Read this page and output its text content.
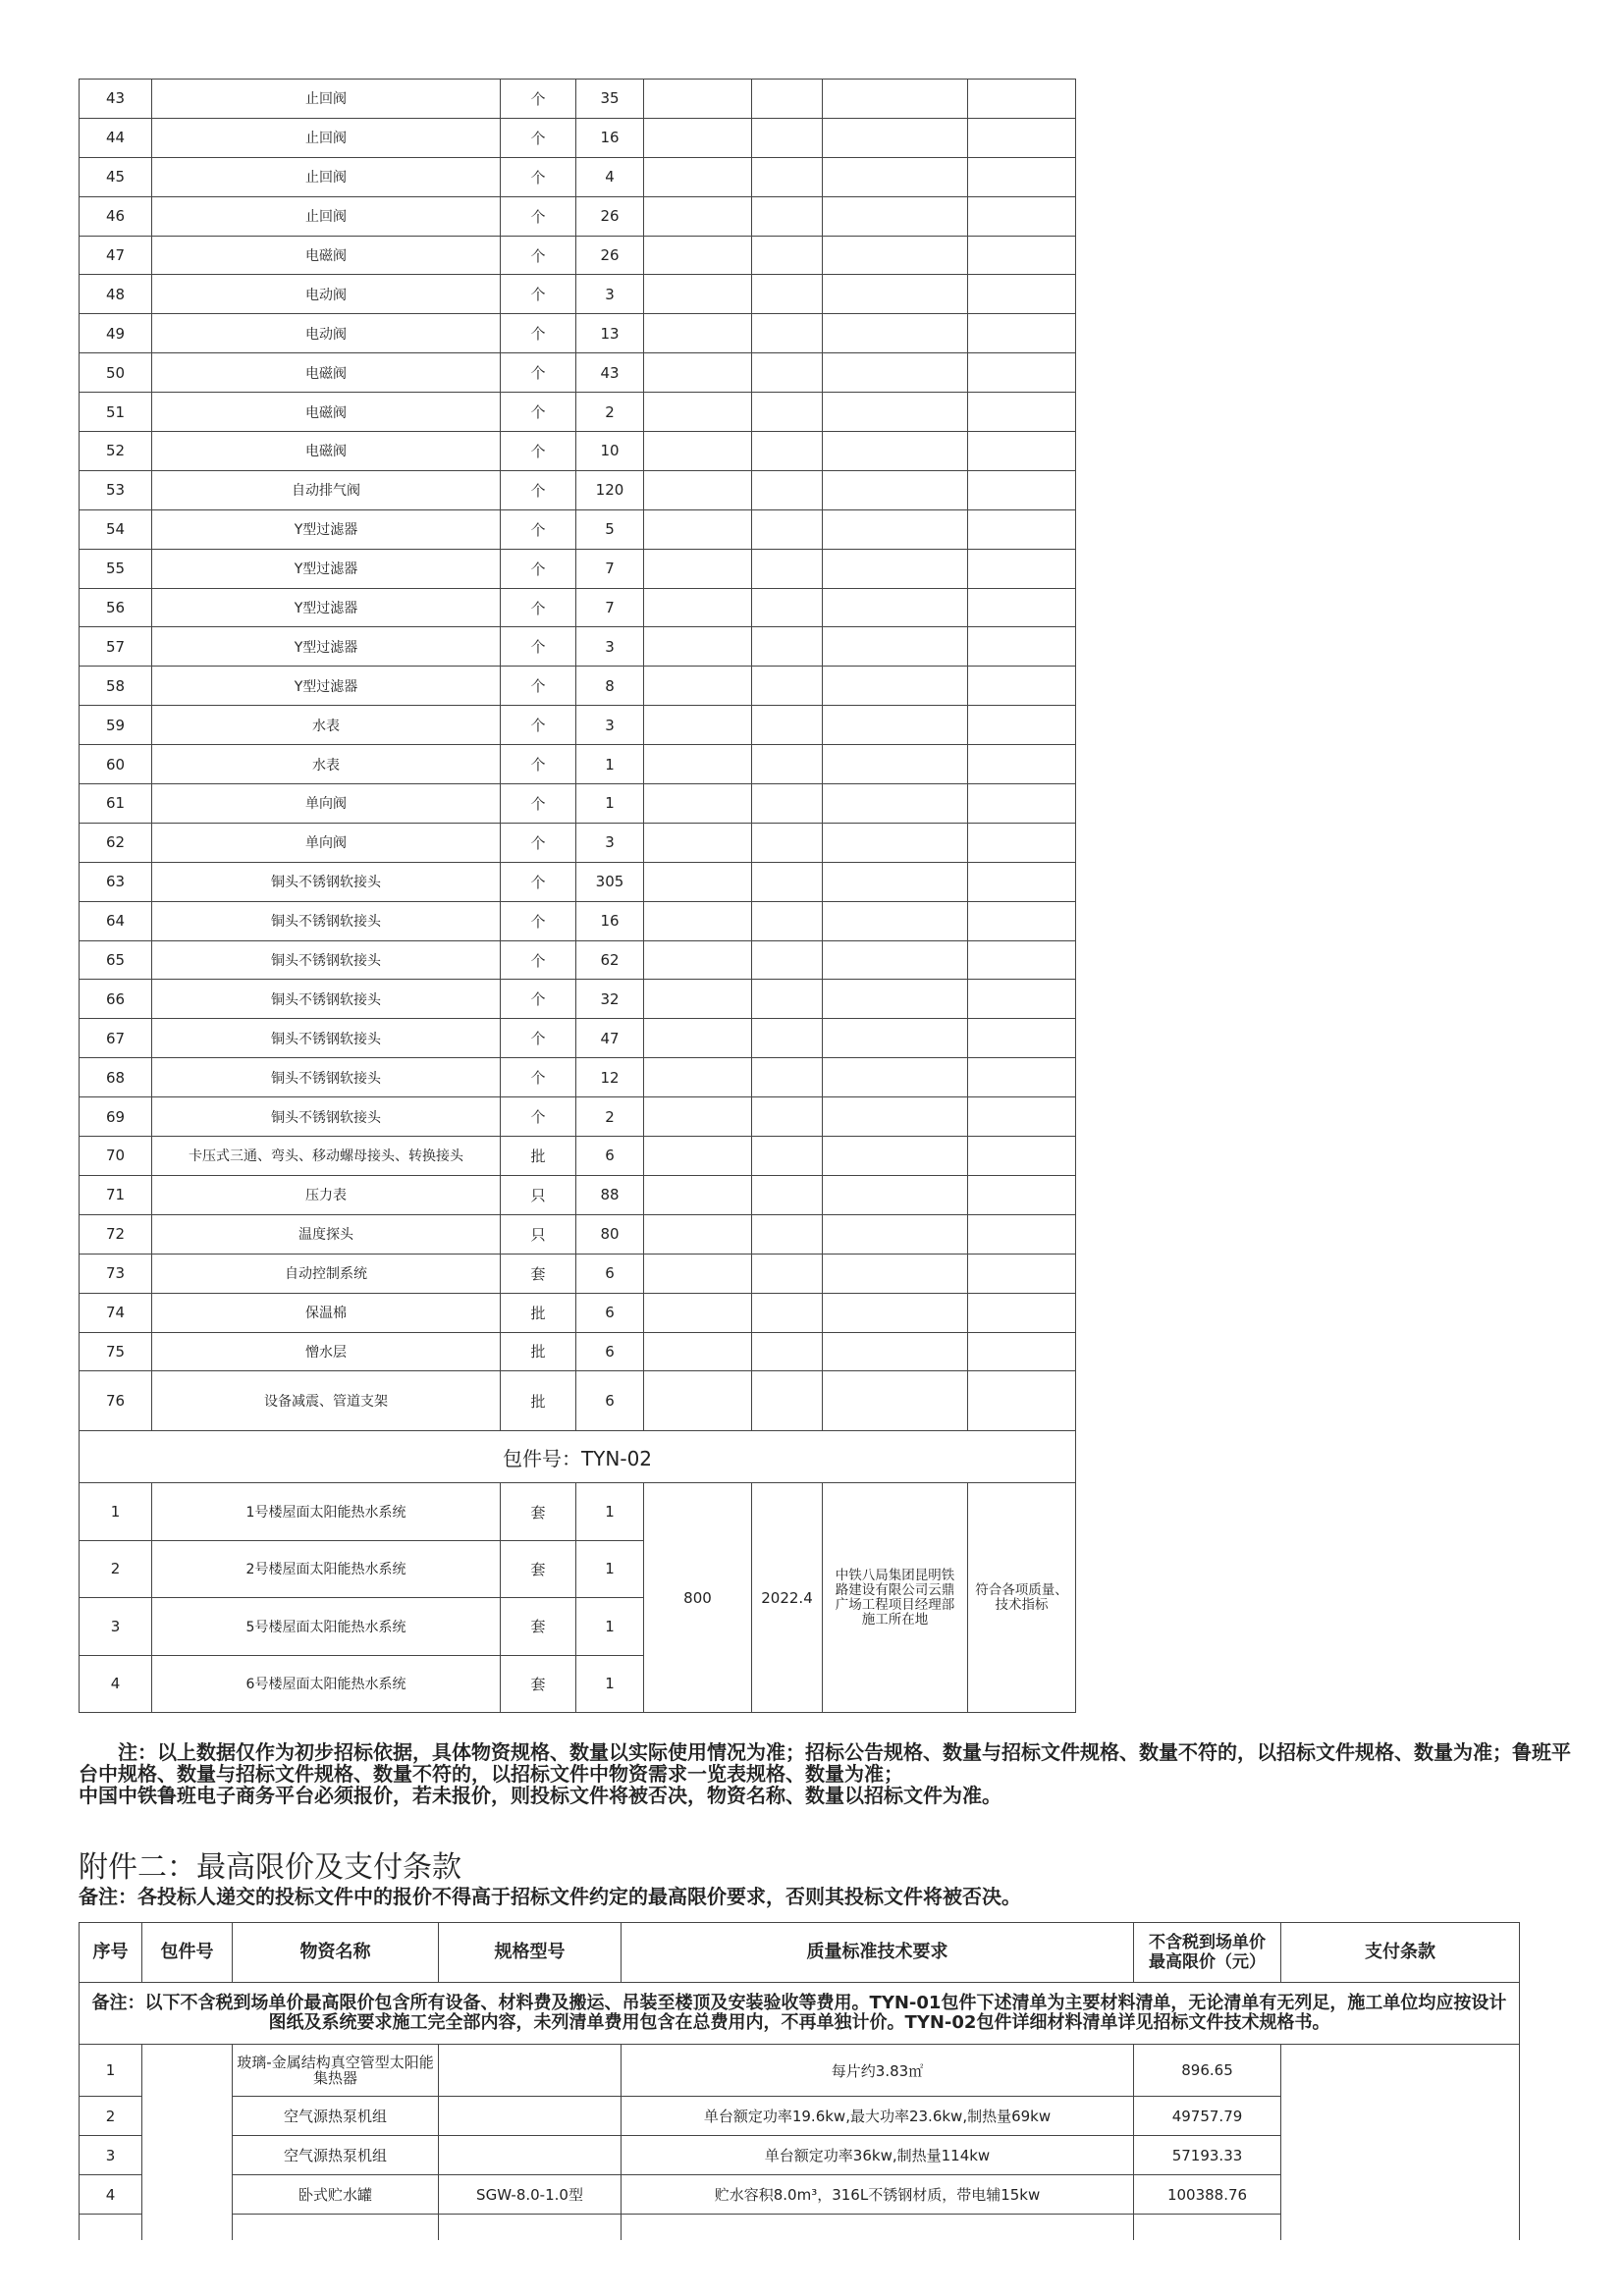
43	止回阀	个	35				
44	止回阀	个	16				
45	止回阀	个	4				
46	止回阀	个	26				
47	电磁阀	个	26				
48	电动阀	个	3				
49	电动阀	个	13				
50	电磁阀	个	43				
51	电磁阀	个	2				
52	电磁阀	个	10				
53	自动排气阀	个	120				
54	Y型过滤器	个	5				
55	Y型过滤器	个	7				
56	Y型过滤器	个	7				
57	Y型过滤器	个	3				
58	Y型过滤器	个	8				
59	水表	个	3				
60	水表	个	1				
61	单向阀	个	1				
62	单向阀	个	3				
63	铜头不锈钢软接头	个	305				
64	铜头不锈钢软接头	个	16				
65	铜头不锈钢软接头	个	62				
66	铜头不锈钢软接头	个	32				
67	铜头不锈钢软接头	个	47				
68	铜头不锈钢软接头	个	12				
69	铜头不锈钢软接头	个	2				
70	卡压式三通、弯头、移动螺母接头、转换接头	批	6				
71	压力表	只	88				
72	温度探头	只	80				
73	自动控制系统	套	6				
74	保温棉	批	6				
75	憎水层	批	6				
76	设备减震、管道支架	批	6				
包件号：TYN-02							
1	1号楼屋面太阳能热水系统	套	1	800	2022.4	中铁八局集团昆明铁路建设有限公司云鼎广场工程项目经理部施工所在地	符合各项质量、技术指标
2	2号楼屋面太阳能热水系统	套	1				
3	5号楼屋面太阳能热水系统	套	1				
4	6号楼屋面太阳能热水系统	套	1				

注：以上数据仅作为初步招标依据，具体物资规格、数量以实际使用情况为准；招标公告规格、数量与招标文件规格、数量不符的，以招标文件规格、数量为准；鲁班平台中规格、数量与招标文件规格、数量不符的，以招标文件中物资需求一览表规格、数量为准；

中国中铁鲁班电子商务平台必须报价，若未报价，则投标文件将被否决，物资名称、数量以招标文件为准。

附件二：最高限价及支付条款
备注：各投标人递交的投标文件中的报价不得高于招标文件约定的最高限价要求，否则其投标文件将被否决。
序号	包件号	物资名称	规格型号	质量标准技术要求	不含税到场单价最高限价（元）	支付条款
备注：以下不含税到场单价最高限价包含所有设备、材料费及搬运、吊装至楼顶及安装验收等费用。TYN-01包件下述清单为主要材料清单，无论清单有无列足，施工单位均应按设计图纸及系统要求施工完全部内容，未列清单费用包含在总费用内，不再单独计价。TYN-02包件详细材料清单详见招标文件技术规格书。						
1		玻璃-金属结构真空管型太阳能集热器		每片约3.83㎡	896.65	
2		空气源热泵机组		单台额定功率19.6kw,最大功率23.6kw,制热量69kw	49757.79	
3		空气源热泵机组		单台额定功率36kw,制热量114kw	57193.33	
4		卧式贮水罐	SGW-8.0-1.0型	贮水容积8.0m³，316L不锈钢材质，带电辅15kw	100388.76	
